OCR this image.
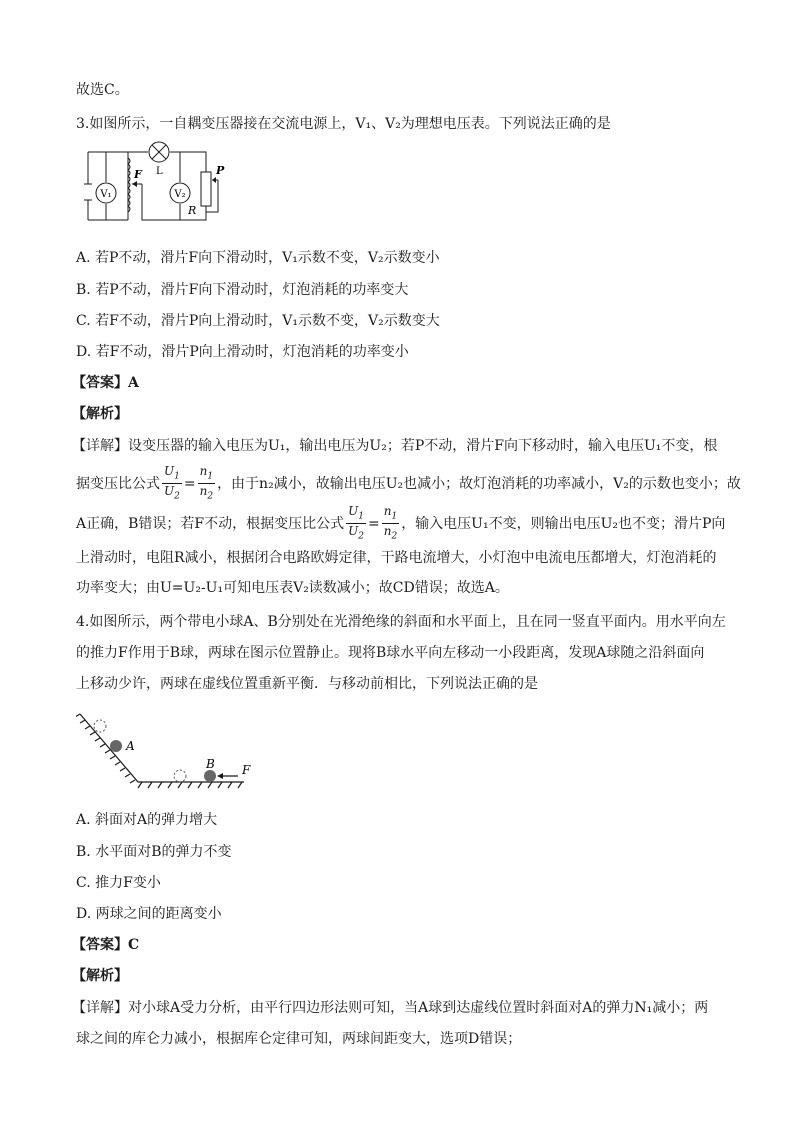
故选C。
3.如图所示，一自耦变压器接在交流电源上，V₁、V₂为理想电压表。下列说法正确的是
V₁	V₂
F L	P
R
A. 若P不动，滑片F向下滑动时，V₁示数不变，V₂示数变小
B. 若P不动，滑片F向下滑动时，灯泡消耗的功率变大
C. 若F不动，滑片P向上滑动时，V₁示数不变，V₂示数变大
D. 若F不动，滑片P向上滑动时，灯泡消耗的功率变小
【答案】A
【解析】
【详解】设变压器的输入电压为U₁，输出电压为U₂；若P不动，滑片F向下移动时，输入电压U₁不变，根
据变压比公式 $\frac{U_1}{U_2} = \frac{n_1}{n_2}$ ，由于n₂减小，故输出电压U₂也减小；故灯泡消耗的功率减小，V₂的示数也变小；故
A正确，B错误；若F不动，根据变压比公式 $\frac{U_1}{U_2} = \frac{n_1}{n_2}$ ，输入电压U₁不变，则输出电压U₂也不变；滑片P向
上滑动时，电阻R减小，根据闭合电路欧姆定律，干路电流增大，小灯泡中电流电压都增大，灯泡消耗的
功率变大；由U=U₂-U₁可知电压表V₂读数减小；故CD错误；故选A。
4.如图所示，两个带电小球A、B分别处在光滑绝缘的斜面和水平面上，且在同一竖直平面内。用水平向左
的推力F作用于B球，两球在图示位置静止。现将B球水平向左移动一小段距离，发现A球随之沿斜面向
上移动少许，两球在虚线位置重新平衡．与移动前相比，下列说法正确的是
A
B F
A. 斜面对A的弹力增大
B. 水平面对B的弹力不变
C. 推力F变小
D. 两球之间的距离变小
【答案】C
【解析】
【详解】对小球A受力分析，由平行四边形法则可知，当A球到达虚线位置时斜面对A的弹力N₁减小；两
球之间的库仑力减小，根据库仑定律可知，两球间距变大，选项D错误；
